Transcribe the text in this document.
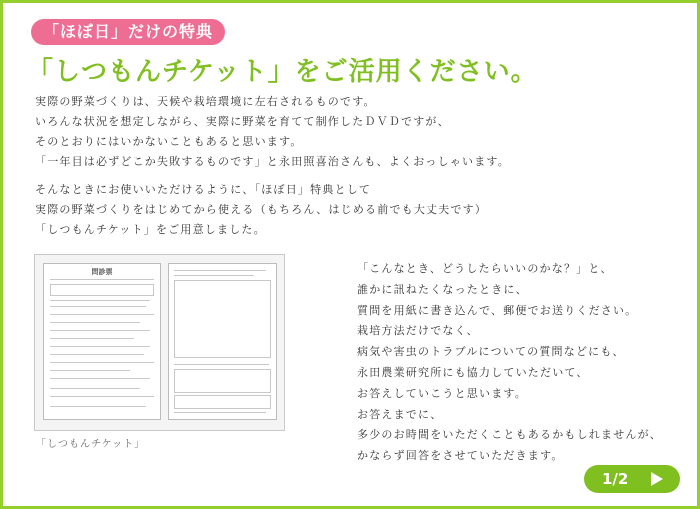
「ほぼ日」だけの特典
「しつもんチケット」をご活用ください。
実際の野菜づくりは、天候や栽培環境に左右されるものです。
いろんな状況を想定しながら、実際に野菜を育てて制作したＤＶＤですが、
そのとおりにはいかないこともあると思います。
「一年目は必ずどこか失敗するものです」と永田照喜治さんも、よくおっしゃいます。
そんなときにお使いいただけるように、「ほぼ日」特典として
実際の野菜づくりをはじめてから使える（もちろん、はじめる前でも大丈夫です）
「しつもんチケット」をご用意しました。
問診票
「しつもんチケット」
「こんなとき、どうしたらいいのかな？」と、
誰かに訊ねたくなったときに、
質問を用紙に書き込んで、郵便でお送りください。
栽培方法だけでなく、
病気や害虫のトラブルについての質問などにも、
永田農業研究所にも協力していただいて、
お答えしていこうと思います。
お答えまでに、
多少のお時間をいただくこともあるかもしれませんが、
かならず回答をさせていただきます。
1/2
